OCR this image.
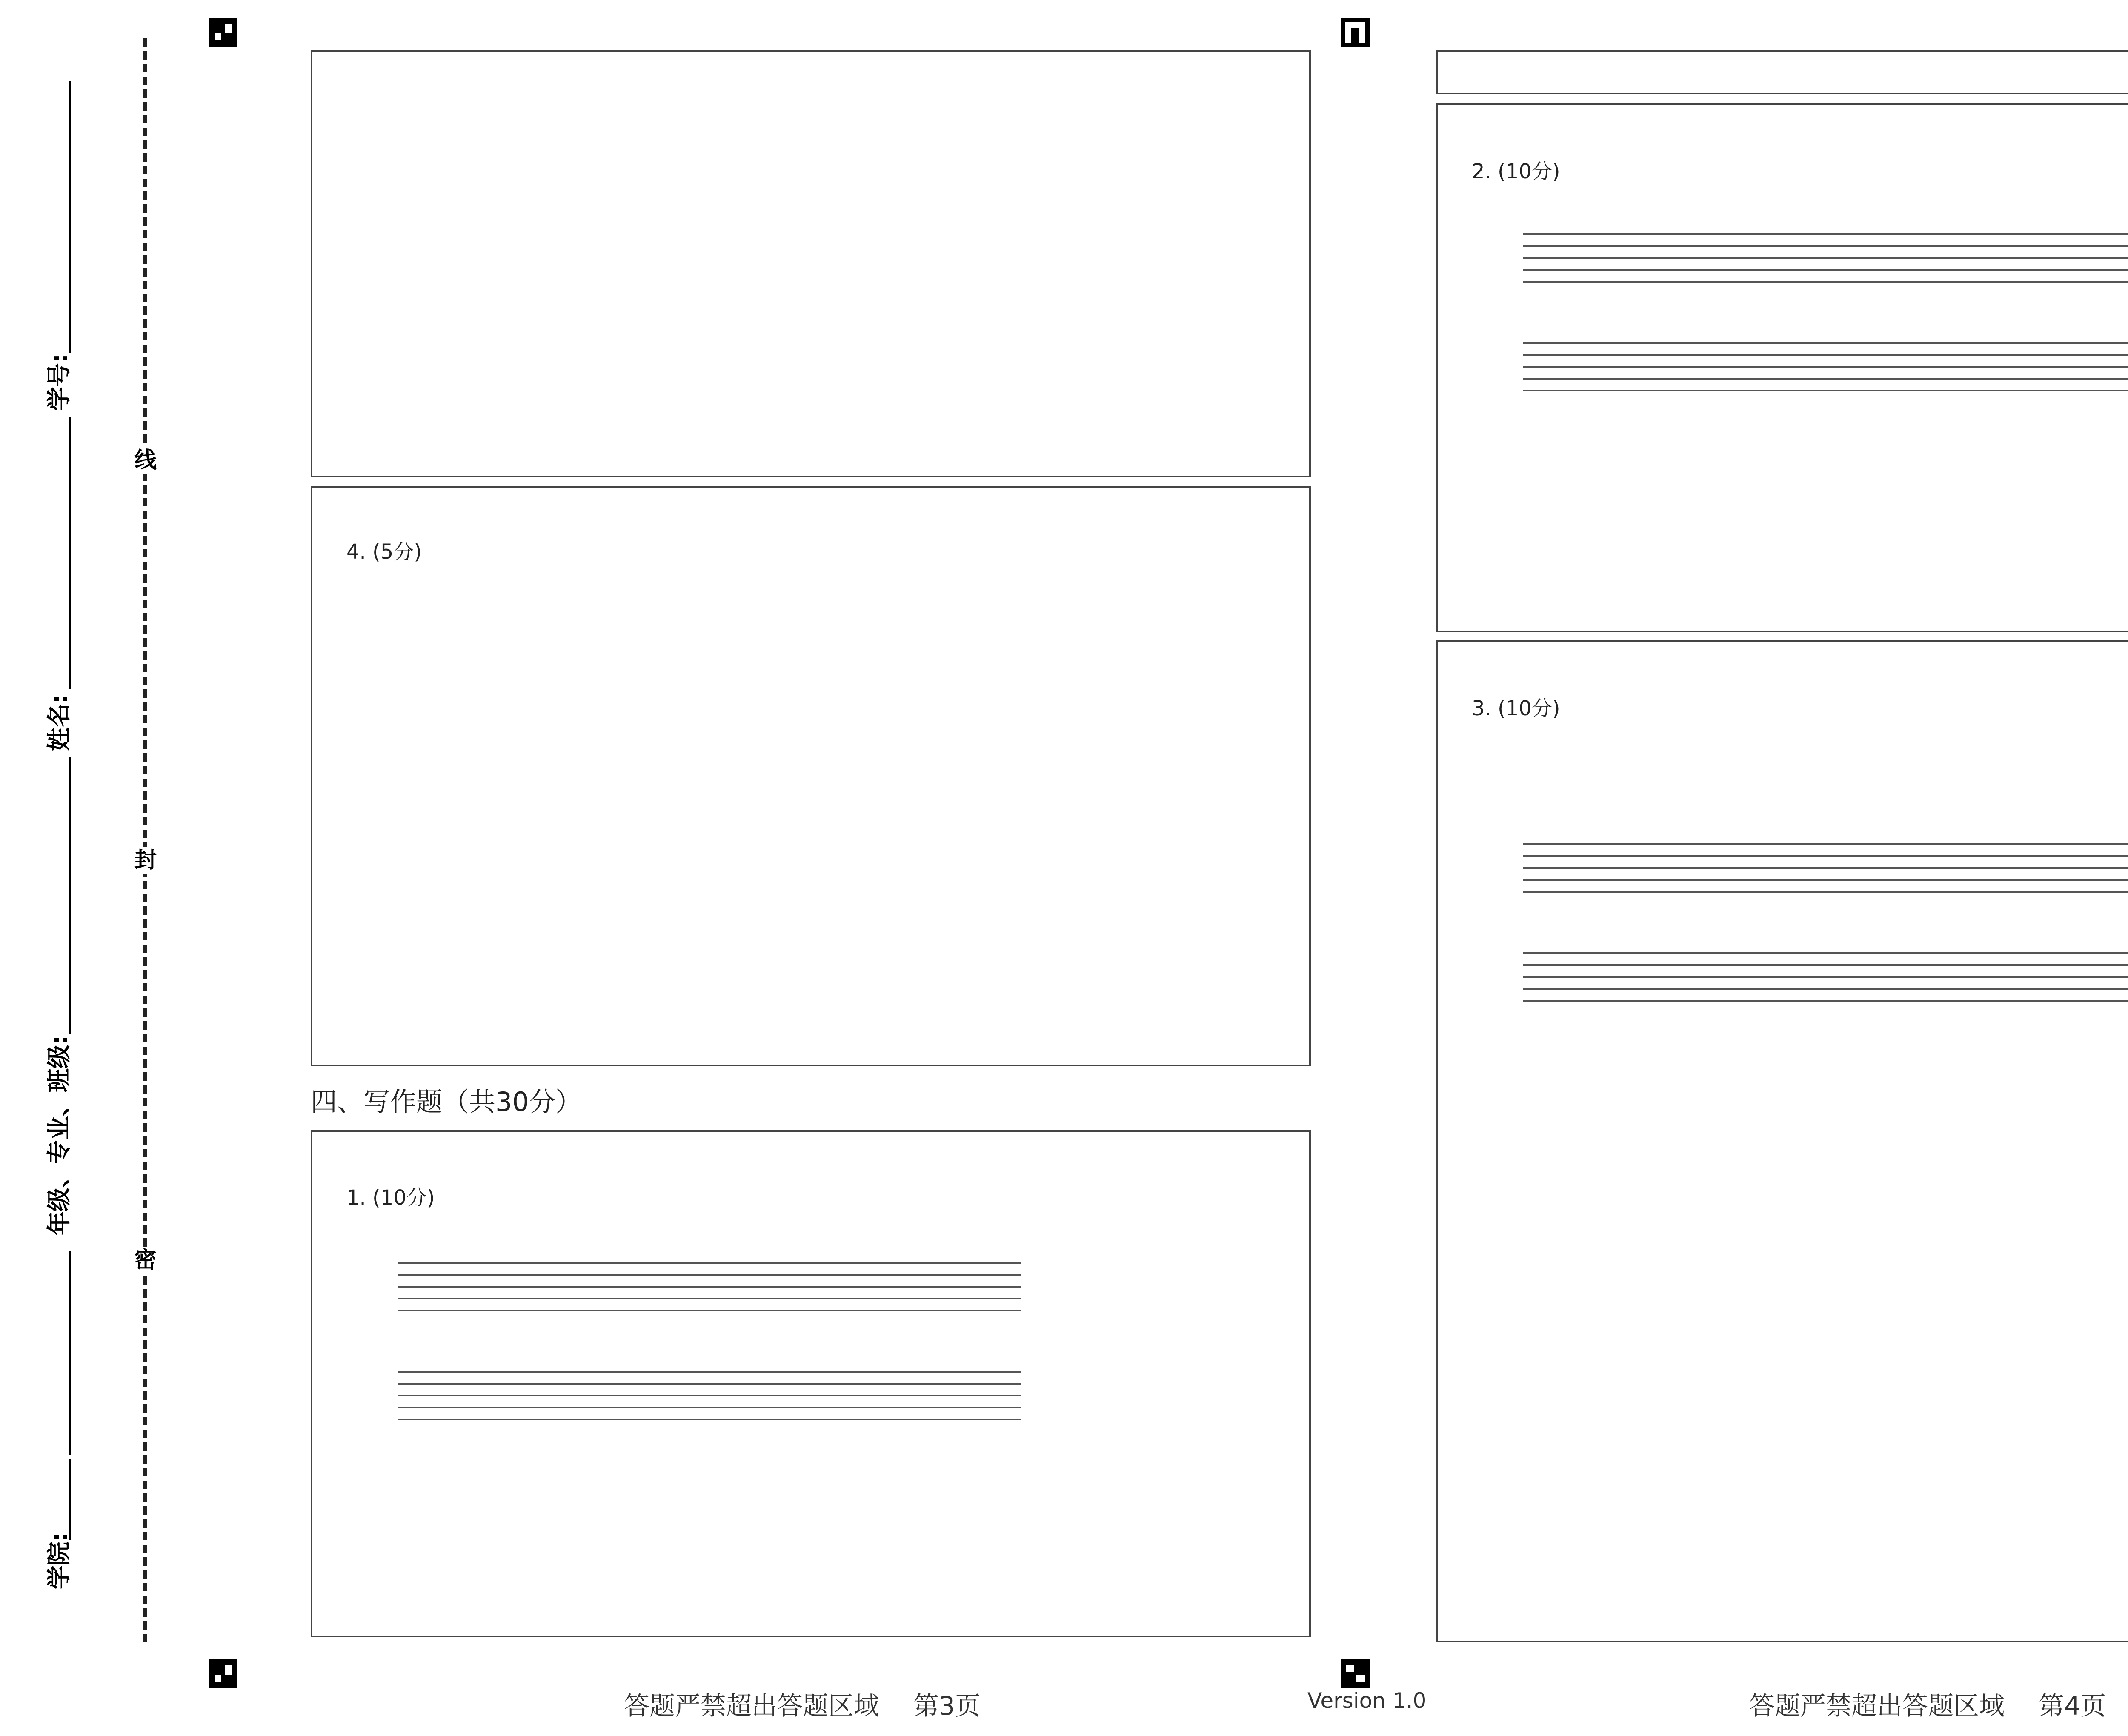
学院:
年级、专业、班级:
姓名:
学号:
线
封
密
4. (5分)
四、写作题（共30分）
1. (10分)
答题严禁超出答题区域 第3页	Version 1.0
2. (10分)
3. (10分)
答题严禁超出答题区域 第4页
